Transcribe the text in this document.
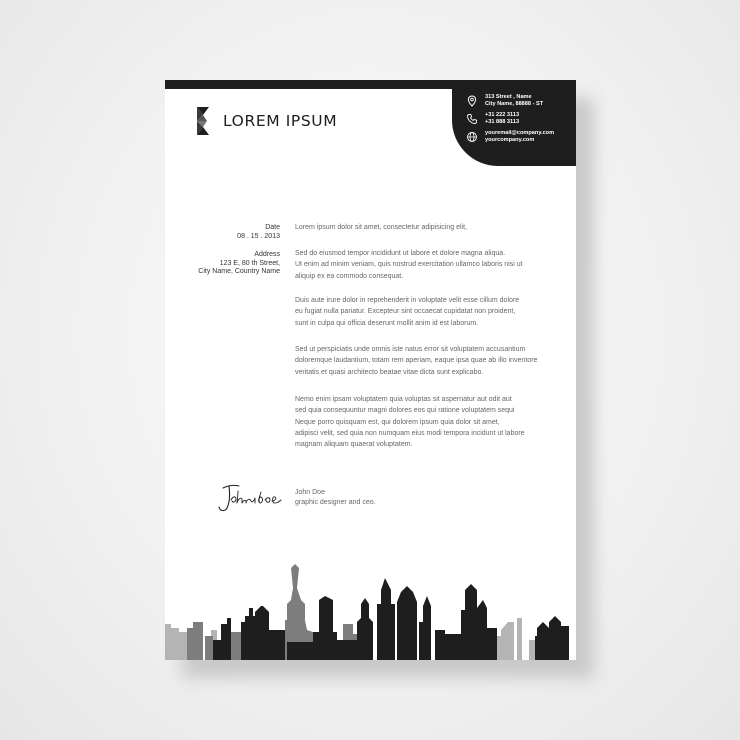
313 Street , Name
City Name, 88888 - ST
+31 222 3113
+31 888 3113
youremail@company.com
yourcompany.com
LOREM IPSUM
Date
08 . 15 . 2013
Address
123 E, 80 th Street,
City Name, Country Name

Lorem ipsum dolor sit amet, consectetur adipisicing elit,

Sed do eiusmod tempor incididunt ut labore et dolore magna aliqua.

Ut enim ad minim veniam, quis nostrud exercitation ullamco laboris nisi ut

aliquip ex ea commodo consequat.

Duis aute irure dolor in reprehenderit in voluptate velit esse cillum dolore

eu fugiat nulla pariatur. Excepteur sint occaecat cupidatat non proident,

sunt in culpa qui officia deserunt mollit anim id est laborum.

Sed ut perspiciatis unde omnis iste natus error sit voluptatem accusantium

doloremque laudantium, totam rem aperiam, eaque ipsa quae ab illo inventore

veritatis et quasi architecto beatae vitae dicta sunt explicabo.

Nemo enim ipsam voluptatem quia voluptas sit aspernatur aut odit aut

sed quia consequuntur magni dolores eos qui ratione voluptatem sequi

Neque porro quisquam est, qui dolorem ipsum quia dolor sit amet,

adipisci velit, sed quia non numquam eius modi tempora incidunt ut labore

magnam aliquam quaerat voluptatem.

John Doe
graphic designer and ceo.
